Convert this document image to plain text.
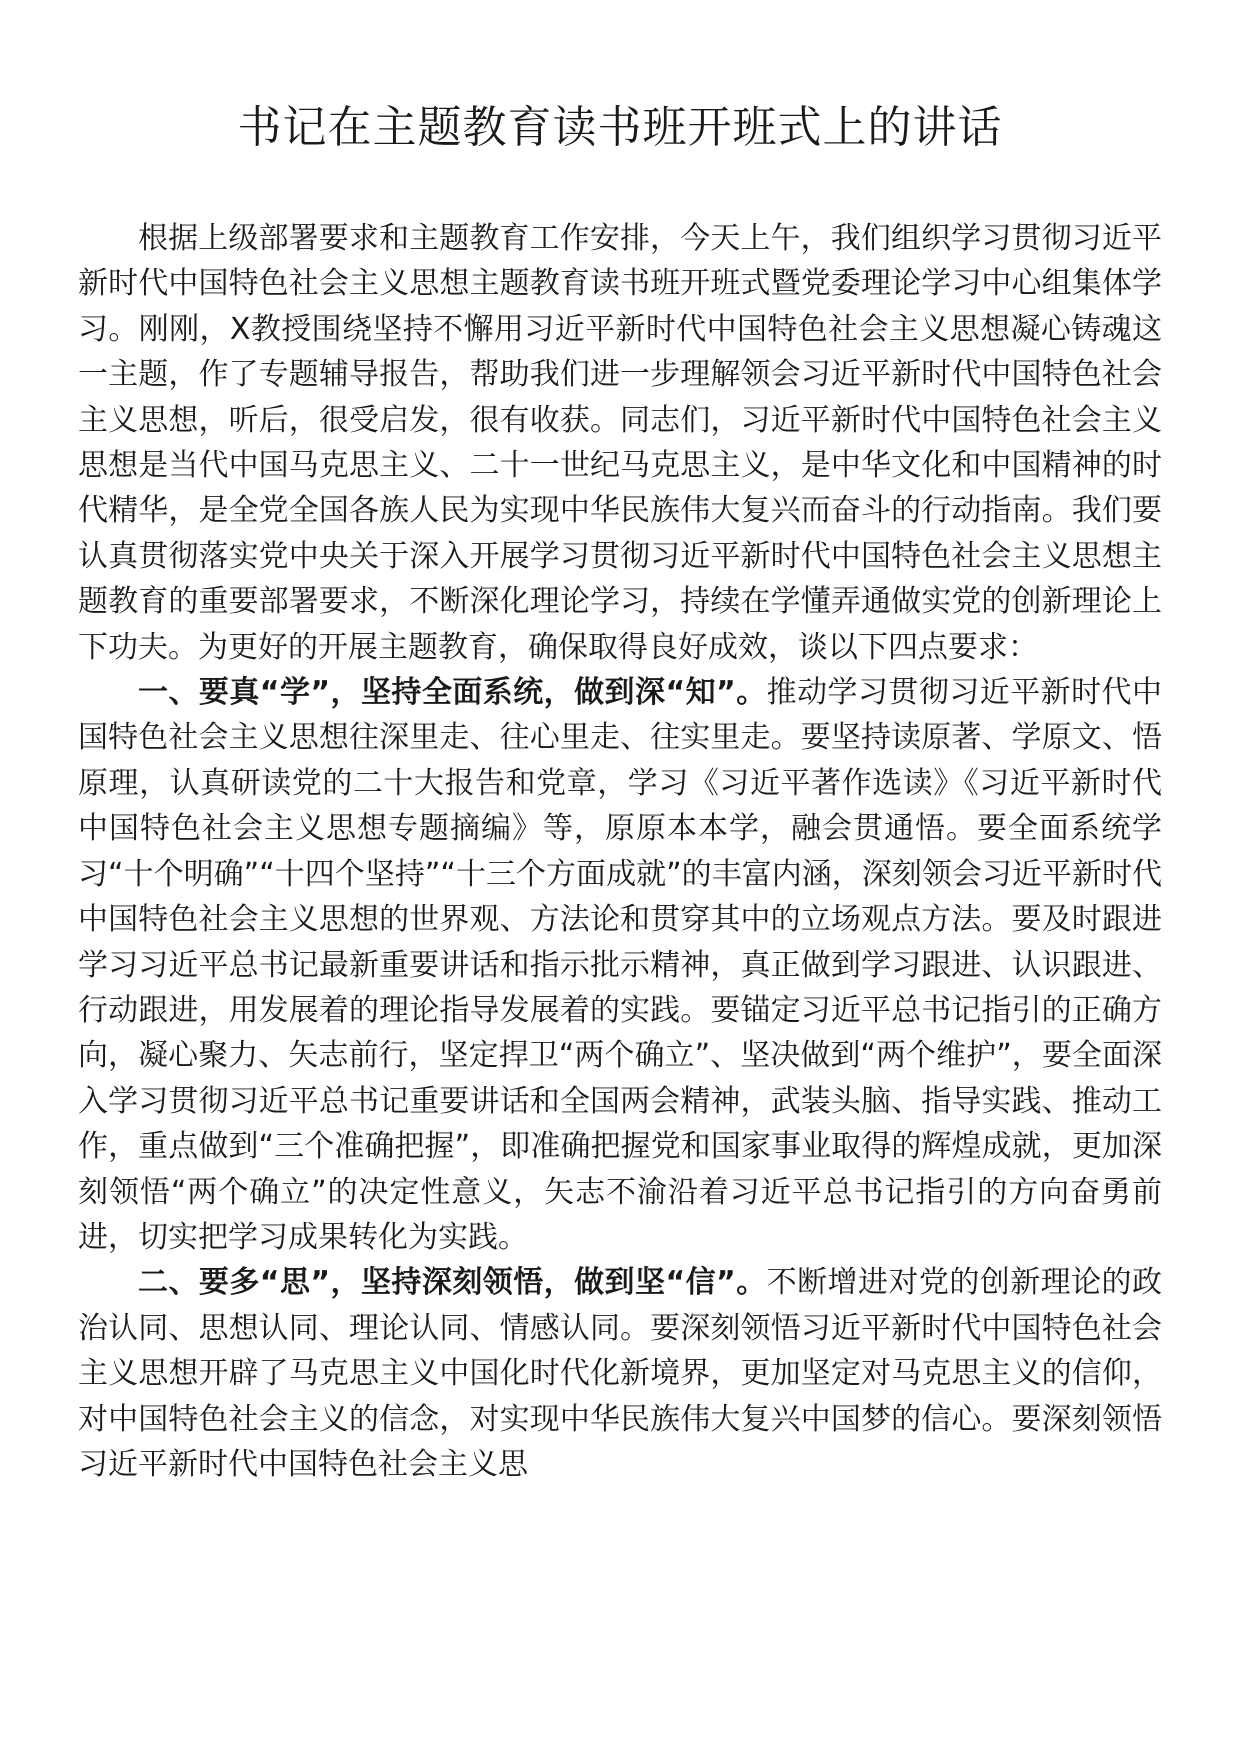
书记在主题教育读书班开班式上的讲话

根据上级部署要求和主题教育工作安排，今天上午，我们组织学习贯彻习近平新时代中国特色社会主义思想主题教育读书班开班式暨党委理论学习中心组集体学习。刚刚，X教授围绕坚持不懈用习近平新时代中国特色社会主义思想凝心铸魂这一主题，作了专题辅导报告，帮助我们进一步理解领会习近平新时代中国特色社会主义思想，听后，很受启发，很有收获。同志们，习近平新时代中国特色社会主义思想是当代中国马克思主义、二十一世纪马克思主义，是中华文化和中国精神的时代精华，是全党全国各族人民为实现中华民族伟大复兴而奋斗的行动指南。我们要认真贯彻落实党中央关于深入开展学习贯彻习近平新时代中国特色社会主义思想主题教育的重要部署要求，不断深化理论学习，持续在学懂弄通做实党的创新理论上下功夫。为更好的开展主题教育，确保取得良好成效，谈以下四点要求：

一、要真“学”，坚持全面系统，做到深“知”。推动学习贯彻习近平新时代中国特色社会主义思想往深里走、往心里走、往实里走。要坚持读原著、学原文、悟原理，认真研读党的二十大报告和党章，学习《习近平著作选读》《习近平新时代中国特色社会主义思想专题摘编》等，原原本本学，融会贯通悟。要全面系统学习“十个明确”“十四个坚持”“十三个方面成就”的丰富内涵，深刻领会习近平新时代中国特色社会主义思想的世界观、方法论和贯穿其中的立场观点方法。要及时跟进学习习近平总书记最新重要讲话和指示批示精神，真正做到学习跟进、认识跟进、行动跟进，用发展着的理论指导发展着的实践。要锚定习近平总书记指引的正确方向，凝心聚力、矢志前行，坚定捍卫“两个确立”、坚决做到“两个维护”，要全面深入学习贯彻习近平总书记重要讲话和全国两会精神，武装头脑、指导实践、推动工作，重点做到“三个准确把握”，即准确把握党和国家事业取得的辉煌成就，更加深刻领悟“两个确立”的决定性意义，矢志不渝沿着习近平总书记指引的方向奋勇前进，切实把学习成果转化为实践。

二、要多“思”，坚持深刻领悟，做到坚“信”。不断增进对党的创新理论的政治认同、思想认同、理论认同、情感认同。要深刻领悟习近平新时代中国特色社会主义思想开辟了马克思主义中国化时代化新境界，更加坚定对马克思主义的信仰，对中国特色社会主义的信念，对实现中华民族伟大复兴中国梦的信心。要深刻领悟习近平新时代中国特色社会主义思
